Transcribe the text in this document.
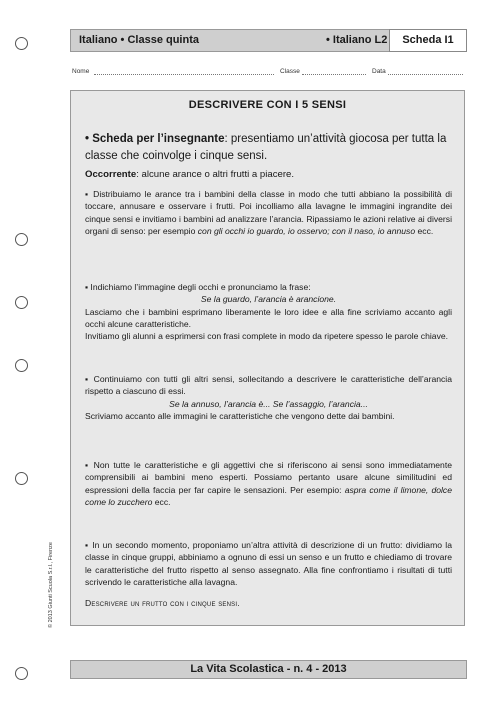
Italiano • Classe quinta	• Italiano L2	Scheda I1
Nome	Classe	Data
DESCRIVERE CON I 5 SENSI
• Scheda per l’insegnante: presentiamo un’attività giocosa per tutta la classe che coinvolge i cinque sensi.

Occorrente: alcune arance o altri frutti a piacere.

▪ Distribuiamo le arance tra i bambini della classe in modo che tutti abbiano la possibilità di toccare, annusare e osservare i frutti. Poi incolliamo alla lavagne le immagini ingrandite dei cinque sensi e invitiamo i bambini ad analizzare l’arancia. Ripassiamo le azioni relative ai diversi organi di senso: per esempio con gli occhi io guardo, io osservo; con il naso, io annuso ecc.

▪ Indichiamo l’immagine degli occhi e pronunciamo la frase:

Se la guardo, l’arancia è arancione.

Lasciamo che i bambini esprimano liberamente le loro idee e alla fine scriviamo accanto agli occhi alcune caratteristiche.

Invitiamo gli alunni a esprimersi con frasi complete in modo da ripetere spesso le parole chiave.

▪ Continuiamo con tutti gli altri sensi, sollecitando a descrivere le caratteristiche dell’arancia rispetto a ciascuno di essi.

Se la annuso, l’arancia è... Se l’assaggio, l’arancia...

Scriviamo accanto alle immagini le caratteristiche che vengono dette dai bambini.

▪ Non tutte le caratteristiche e gli aggettivi che si riferiscono ai sensi sono immediatamente comprensibili ai bambini meno esperti. Possiamo pertanto usare alcune similitudini ed espressioni della faccia per far capire le sensazioni. Per esempio: aspra come il limone, dolce come lo zucchero ecc.

▪ In un secondo momento, proponiamo un’altra attività di descrizione di un frutto: dividiamo la classe in cinque gruppi, abbiniamo a ognuno di essi un senso e un frutto e chiediamo di trovare le caratteristiche del frutto rispetto al senso assegnato. Alla fine confrontiamo i risultati di tutti scrivendo le caratteristiche alla lavagna.

Descrivere un frutto con i cinque sensi.
© 2013 Giunti Scuola S.r.l., Firenze
La Vita Scolastica - n. 4 - 2013
